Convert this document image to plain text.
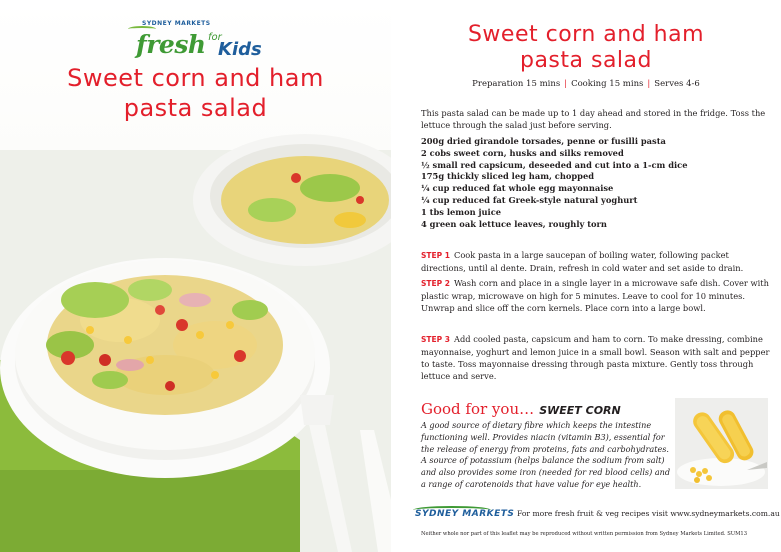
SYDNEY MARKETS
fresh for
Kids
Sweet corn and ham
pasta salad
Sweet corn and ham
pasta salad
Preparation 15 mins | Cooking 15 mins | Serves 4-6

This pasta salad can be made up to 1 day ahead and stored in the fridge. Toss the lettuce through the salad just before serving.

200g dried girandole torsades, penne or fusilli pasta
2 cobs sweet corn, husks and silks removed
½ small red capsicum, deseeded and cut into a 1-cm dice
175g thickly sliced leg ham, chopped
¼ cup reduced fat whole egg mayonnaise
¼ cup reduced fat Greek-style natural yoghurt
1 tbs lemon juice
4 green oak lettuce leaves, roughly torn

STEP 1 Cook pasta in a large saucepan of boiling water, following packet directions, until al dente. Drain, refresh in cold water and set aside to drain.

STEP 2 Wash corn and place in a single layer in a microwave safe dish. Cover with plastic wrap, microwave on high for 5 minutes. Leave to cool for 10 minutes. Unwrap and slice off the corn kernels. Place corn into a large bowl.

STEP 3 Add cooled pasta, capsicum and ham to corn. To make dressing, combine mayonnaise, yoghurt and lemon juice in a small bowl. Season with salt and pepper to taste. Toss mayonnaise dressing through pasta mixture. Gently toss through lettuce and serve.

Good for you… SWEET CORN

A good source of dietary fibre which keeps the intestine functioning well. Provides niacin (vitamin B3), essential for the release of energy from proteins, fats and carbohydrates. A source of potassium (helps balance the sodium from salt) and also provides some iron (needed for red blood cells) and a range of carotenoids that have value for eye health.

SYDNEY MARKETS For more fresh fruit & veg recipes visit www.sydneymarkets.com.au
Neither whole nor part of this leaflet may be reproduced without written permission from Sydney Markets Limited. SUM13
